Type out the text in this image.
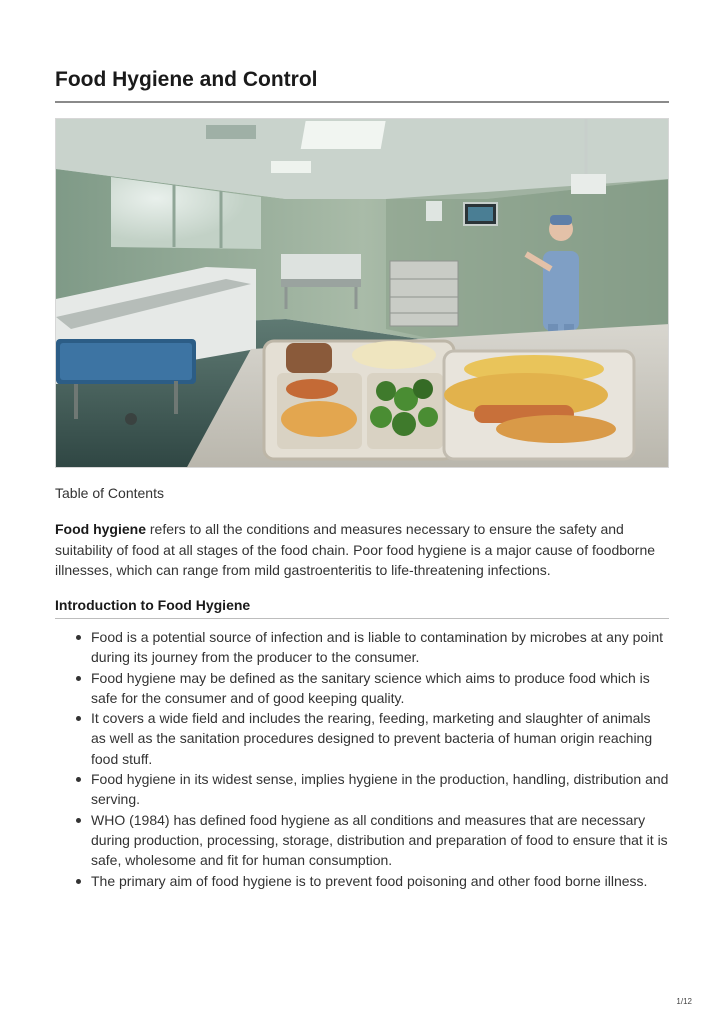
Food Hygiene and Control
Table of Contents

Food hygiene refers to all the conditions and measures necessary to ensure the safety and suitability of food at all stages of the food chain. Poor food hygiene is a major cause of foodborne illnesses, which can range from mild gastroenteritis to life-threatening infections.

Introduction to Food Hygiene
Food is a potential source of infection and is liable to contamination by microbes at any point during its journey from the producer to the consumer.
Food hygiene may be defined as the sanitary science which aims to produce food which is safe for the consumer and of good keeping quality.
It covers a wide field and includes the rearing, feeding, marketing and slaughter of animals as well as the sanitation procedures designed to prevent bacteria of human origin reaching food stuff.
Food hygiene in its widest sense, implies hygiene in the production, handling, distribution and serving.
WHO (1984) has defined food hygiene as all conditions and measures that are necessary during production, processing, storage, distribution and preparation of food to ensure that it is safe, wholesome and fit for human consumption.
The primary aim of food hygiene is to prevent food poisoning and other food borne illness.
1/12
